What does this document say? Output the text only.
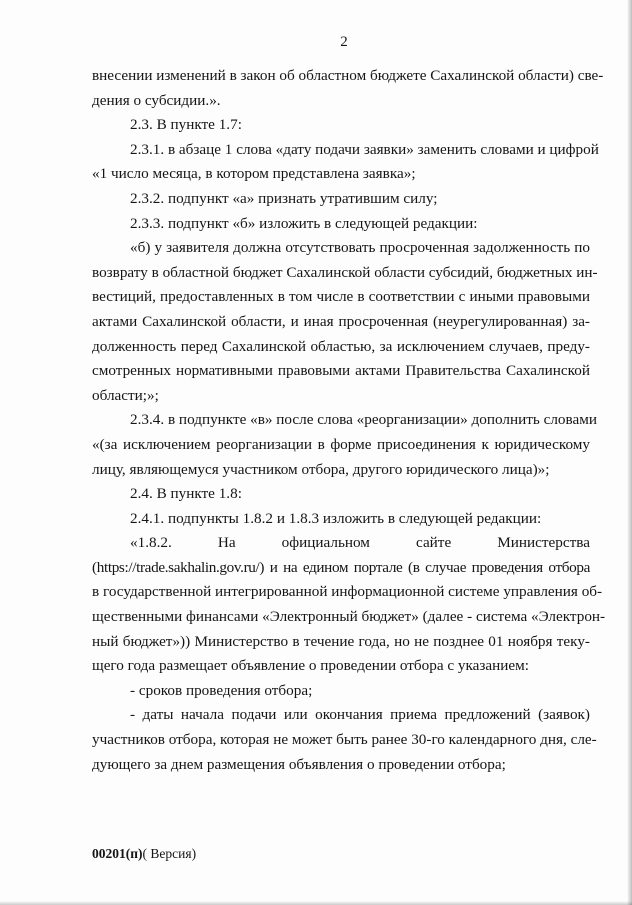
2
внесении изменений в закон об областном бюджете Сахалинской области) све-
дения о субсидии.».
2.3. В пункте 1.7:
2.3.1. в абзаце 1 слова «дату подачи заявки» заменить словами и цифрой
«1 число месяца, в котором представлена заявка»;
2.3.2. подпункт «а» признать утратившим силу;
2.3.3. подпункт «б» изложить в следующей редакции:
«б) у заявителя должна отсутствовать просроченная задолженность по
возврату в областной бюджет Сахалинской области субсидий, бюджетных ин-
вестиций, предоставленных в том числе в соответствии с иными правовыми
актами Сахалинской области, и иная просроченная (неурегулированная) за-
долженность перед Сахалинской областью, за исключением случаев, преду-
смотренных нормативными правовыми актами Правительства Сахалинской
области;»;
2.3.4. в подпункте «в» после слова «реорганизации» дополнить словами
«(за исключением реорганизации в форме присоединения к юридическому
лицу, являющемуся участником отбора, другого юридического лица)»;
2.4. В пункте 1.8:
2.4.1. подпункты 1.8.2 и 1.8.3 изложить в следующей редакции:
«1.8.2.	На	официальном	сайте	Министерства
(https://trade.sakhalin.gov.ru/) и на едином портале (в случае проведения отбора
в государственной интегрированной информационной системе управления об-
щественными финансами «Электронный бюджет» (далее - система «Электрон-
ный бюджет»)) Министерство в течение года, но не позднее 01 ноября теку-
щего года размещает объявление о проведении отбора с указанием:
- сроков проведения отбора;
- даты начала подачи или окончания приема предложений (заявок)
участников отбора, которая не может быть ранее 30-го календарного дня, сле-
дующего за днем размещения объявления о проведении отбора;
00201(п)( Версия)
